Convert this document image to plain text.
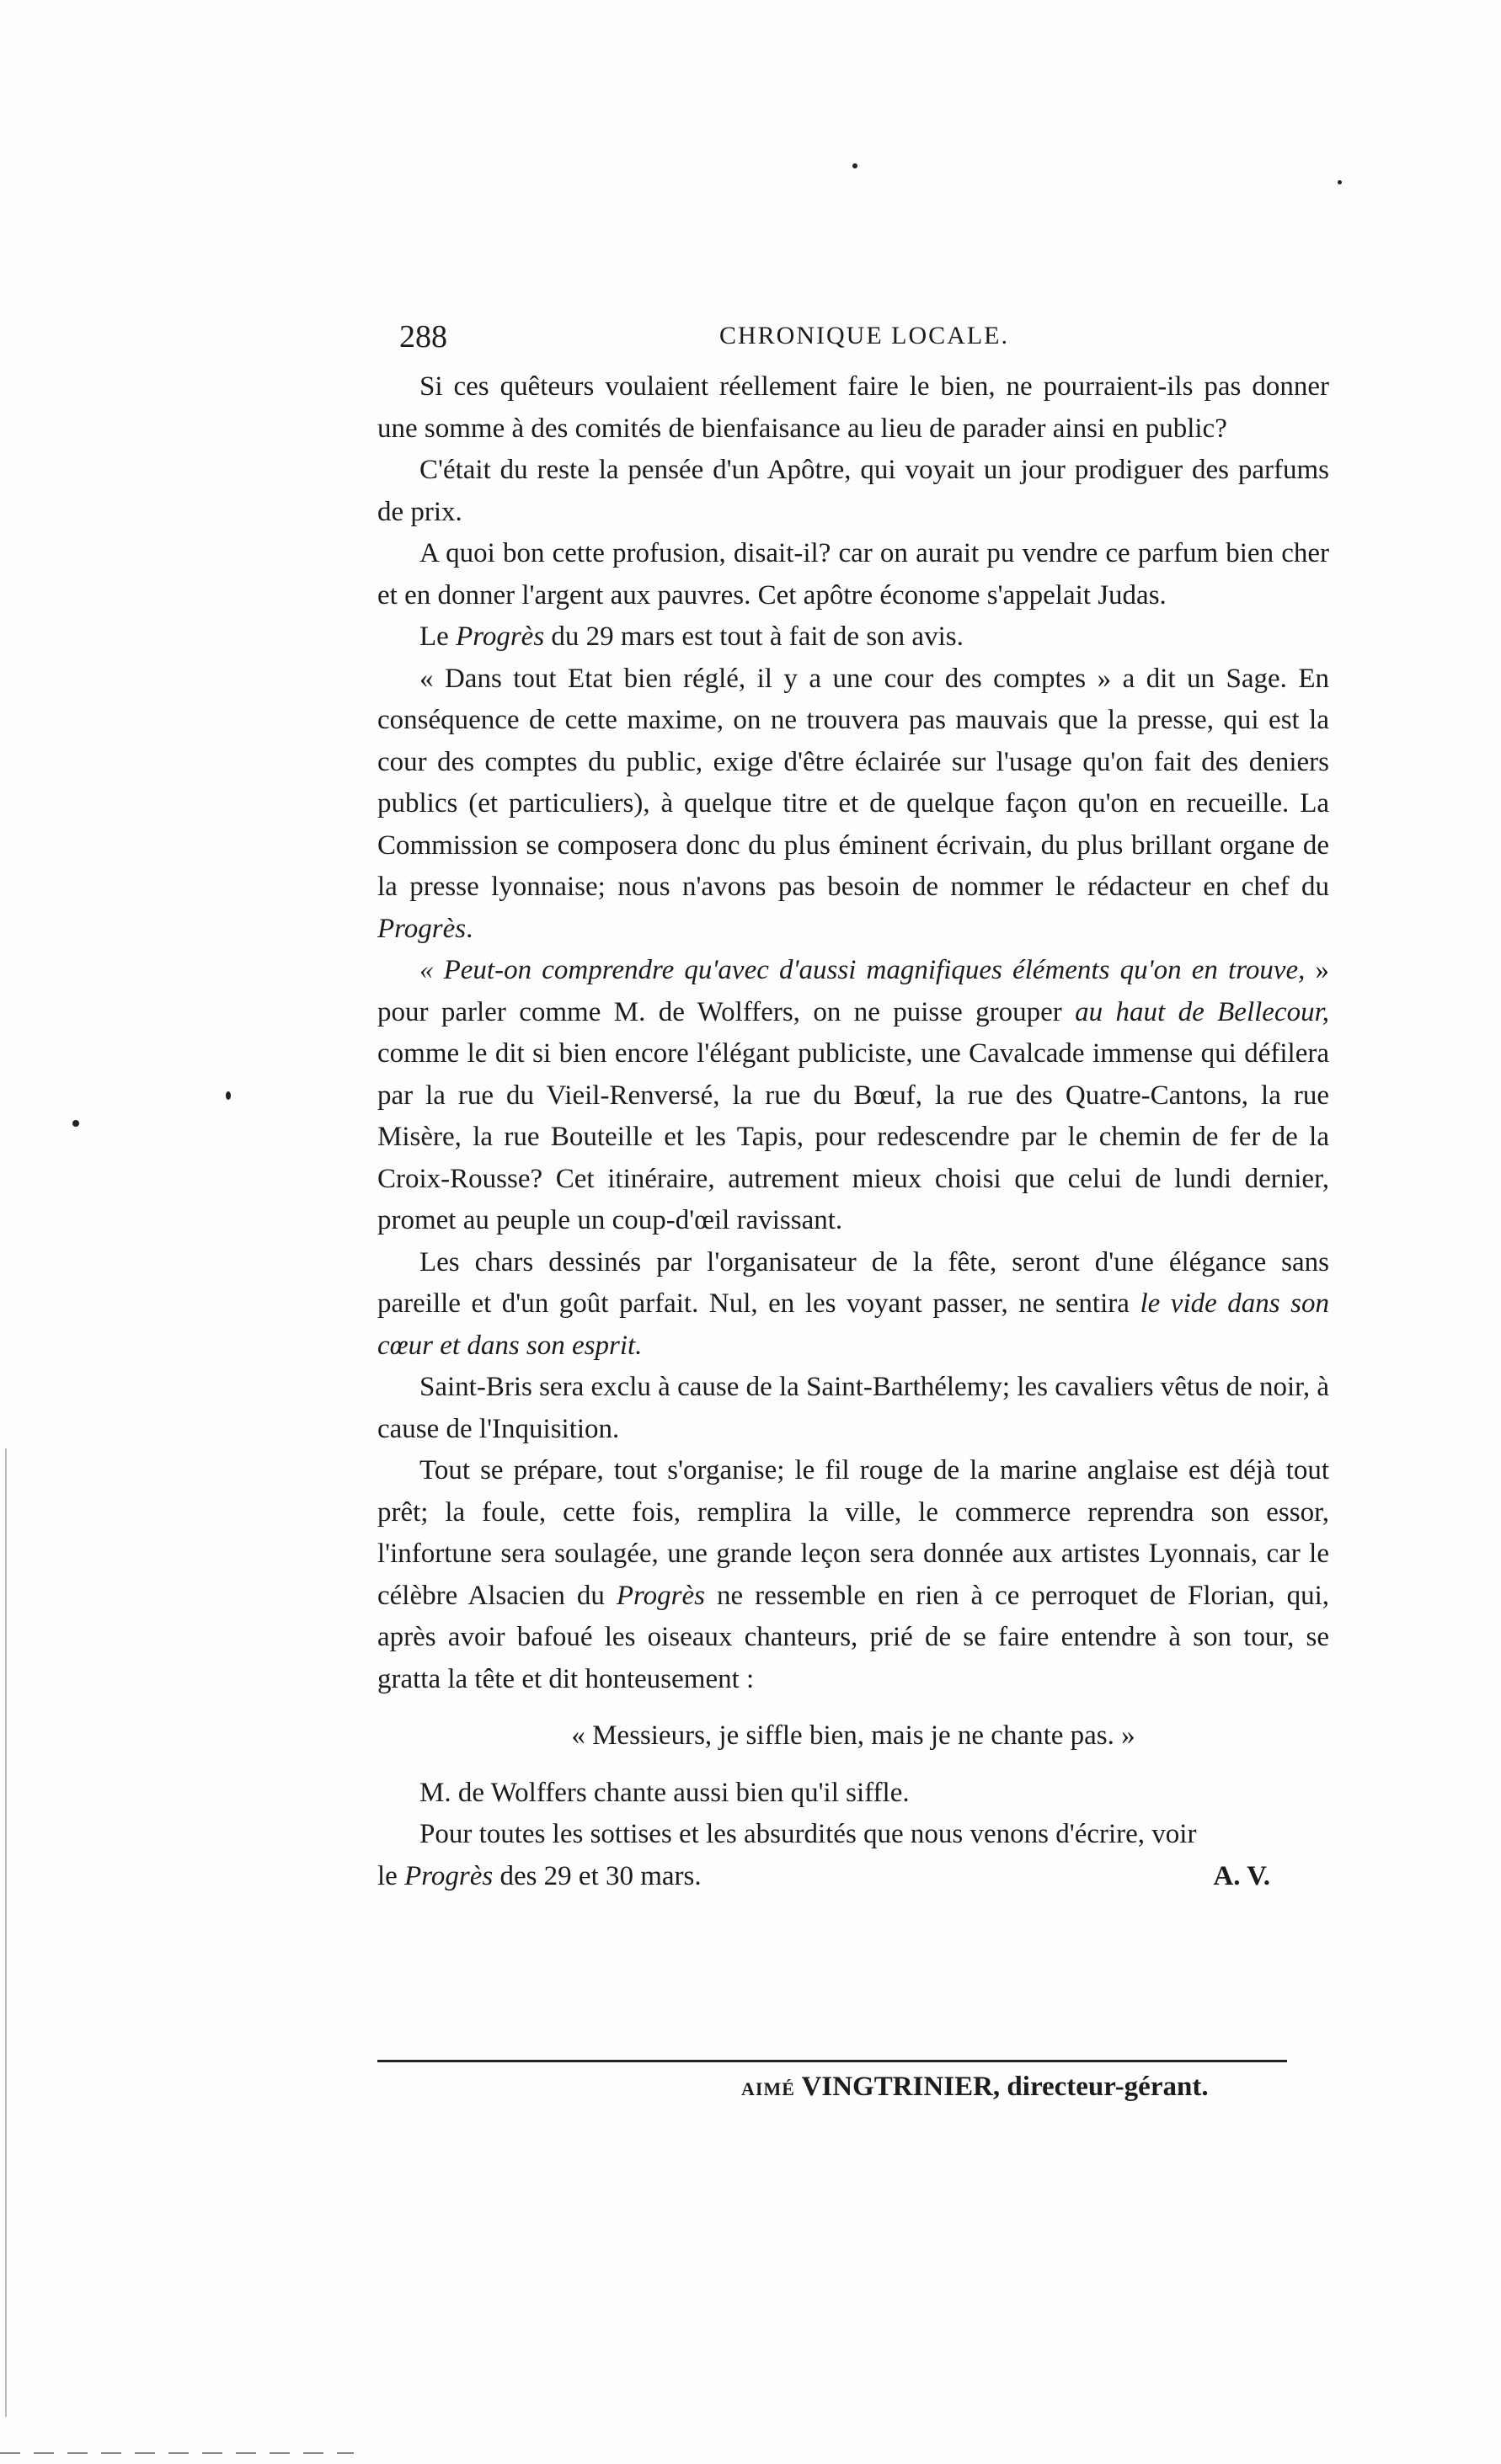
288	CHRONIQUE LOCALE.

Si ces quêteurs voulaient réellement faire le bien, ne pourraient-ils pas donner une somme à des comités de bienfaisance au lieu de parader ainsi en public?

C'était du reste la pensée d'un Apôtre, qui voyait un jour prodiguer des parfums de prix.

A quoi bon cette profusion, disait-il? car on aurait pu vendre ce parfum bien cher et en donner l'argent aux pauvres. Cet apôtre économe s'appelait Judas.

Le Progrès du 29 mars est tout à fait de son avis.

« Dans tout Etat bien réglé, il y a une cour des comptes » a dit un Sage. En conséquence de cette maxime, on ne trouvera pas mauvais que la presse, qui est la cour des comptes du public, exige d'être éclairée sur l'usage qu'on fait des deniers publics (et particuliers), à quelque titre et de quelque façon qu'on en recueille. La Commission se composera donc du plus éminent écrivain, du plus brillant organe de la presse lyonnaise; nous n'avons pas besoin de nommer le rédacteur en chef du Progrès.

« Peut-on comprendre qu'avec d'aussi magnifiques éléments qu'on en trouve, » pour parler comme M. de Wolffers, on ne puisse grouper au haut de Bellecour, comme le dit si bien encore l'élégant publiciste, une Cavalcade immense qui défilera par la rue du Vieil-Renversé, la rue du Bœuf, la rue des Quatre-Cantons, la rue Misère, la rue Bouteille et les Tapis, pour redescendre par le chemin de fer de la Croix-Rousse? Cet itinéraire, autrement mieux choisi que celui de lundi dernier, promet au peuple un coup-d'œil ravissant.

Les chars dessinés par l'organisateur de la fête, seront d'une élégance sans pareille et d'un goût parfait. Nul, en les voyant passer, ne sentira le vide dans son cœur et dans son esprit.

Saint-Bris sera exclu à cause de la Saint-Barthélemy; les cavaliers vêtus de noir, à cause de l'Inquisition.

Tout se prépare, tout s'organise; le fil rouge de la marine anglaise est déjà tout prêt; la foule, cette fois, remplira la ville, le commerce reprendra son essor, l'infortune sera soulagée, une grande leçon sera donnée aux artistes Lyonnais, car le célèbre Alsacien du Progrès ne ressemble en rien à ce perroquet de Florian, qui, après avoir bafoué les oiseaux chanteurs, prié de se faire entendre à son tour, se gratta la tête et dit honteusement :

« Messieurs, je siffle bien, mais je ne chante pas. »

M. de Wolffers chante aussi bien qu'il siffle.

Pour toutes les sottises et les absurdités que nous venons d'écrire, voir

le Progrès des 29 et 30 mars.	A. V.
AIMÉ VINGTRINIER, directeur-gérant.
